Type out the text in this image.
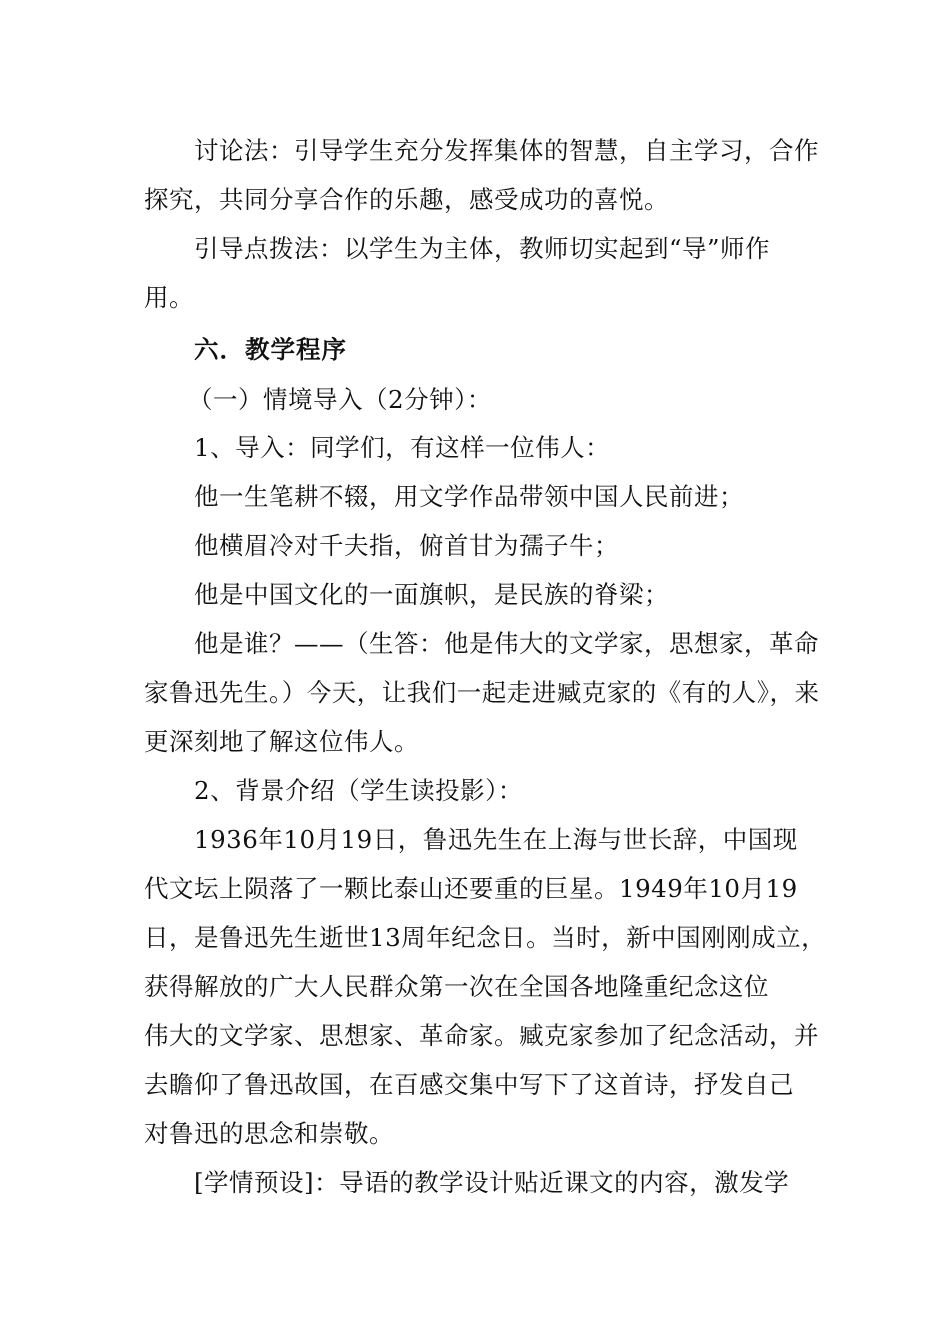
讨论法：引导学生充分发挥集体的智慧，自主学习，合作

探究，共同分享合作的乐趣，感受成功的喜悦。

引导点拨法：以学生为主体，教师切实起到“导”师作

用。

六．教学程序

（一）情境导入（2分钟）：

1、导入：同学们，有这样一位伟人：

他一生笔耕不辍，用文学作品带领中国人民前进；

他横眉冷对千夫指，俯首甘为孺子牛；

他是中国文化的一面旗帜，是民族的脊梁；

他是谁？——（生答：他是伟大的文学家，思想家，革命

家鲁迅先生。）今天，让我们一起走进臧克家的《有的人》，来

更深刻地了解这位伟人。

2、背景介绍（学生读投影）：

1936年10月19日，鲁迅先生在上海与世长辞，中国现

代文坛上陨落了一颗比泰山还要重的巨星。1949年10月19

日，是鲁迅先生逝世13周年纪念日。当时，新中国刚刚成立，

获得解放的广大人民群众第一次在全国各地隆重纪念这位

伟大的文学家、思想家、革命家。臧克家参加了纪念活动，并

去瞻仰了鲁迅故国，在百感交集中写下了这首诗，抒发自己

对鲁迅的思念和崇敬。

[学情预设]：导语的教学设计贴近课文的内容，激发学
